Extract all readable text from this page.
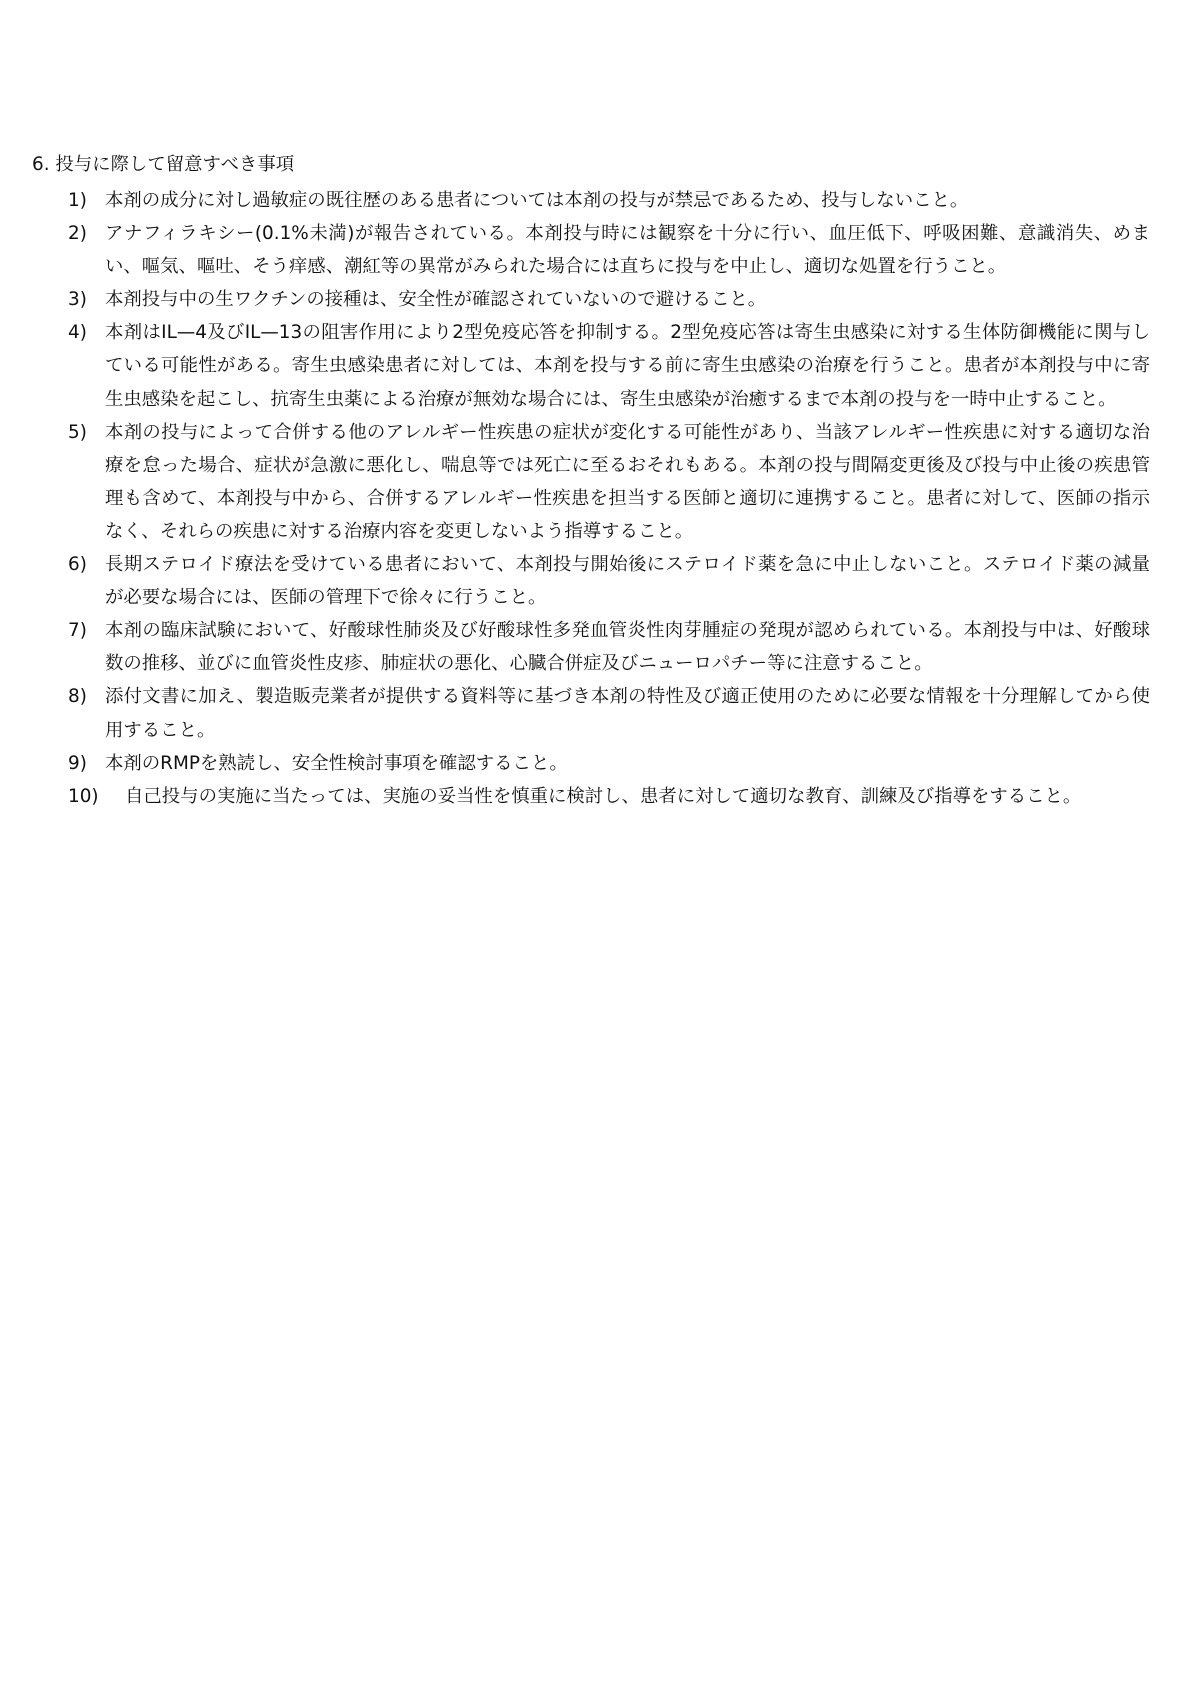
6. 投与に際して留意すべき事項
1) 本剤の成分に対し過敏症の既往歴のある患者については本剤の投与が禁忌であるため、投与しないこと。
2) アナフィラキシー(0.1%未満)が報告されている。本剤投与時には観察を十分に行い、血圧低下、呼吸困難、意識消失、めま
い、嘔気、嘔吐、そう痒感、潮紅等の異常がみられた場合には直ちに投与を中止し、適切な処置を行うこと。
3) 本剤投与中の生ワクチンの接種は、安全性が確認されていないので避けること。
4) 本剤はIL—4及びIL—13の阻害作用により2型免疫応答を抑制する。2型免疫応答は寄生虫感染に対する生体防御機能に関与し
ている可能性がある。寄生虫感染患者に対しては、本剤を投与する前に寄生虫感染の治療を行うこと。患者が本剤投与中に寄
生虫感染を起こし、抗寄生虫薬による治療が無効な場合には、寄生虫感染が治癒するまで本剤の投与を一時中止すること。
5) 本剤の投与によって合併する他のアレルギー性疾患の症状が変化する可能性があり、当該アレルギー性疾患に対する適切な治
療を怠った場合、症状が急激に悪化し、喘息等では死亡に至るおそれもある。本剤の投与間隔変更後及び投与中止後の疾患管
理も含めて、本剤投与中から、合併するアレルギー性疾患を担当する医師と適切に連携すること。患者に対して、医師の指示
なく、それらの疾患に対する治療内容を変更しないよう指導すること。
6) 長期ステロイド療法を受けている患者において、本剤投与開始後にステロイド薬を急に中止しないこと。ステロイド薬の減量
が必要な場合には、医師の管理下で徐々に行うこと。
7) 本剤の臨床試験において、好酸球性肺炎及び好酸球性多発血管炎性肉芽腫症の発現が認められている。本剤投与中は、好酸球
数の推移、並びに血管炎性皮疹、肺症状の悪化、心臓合併症及びニューロパチー等に注意すること。
8) 添付文書に加え、製造販売業者が提供する資料等に基づき本剤の特性及び適正使用のために必要な情報を十分理解してから使
用すること。
9) 本剤のRMPを熟読し、安全性検討事項を確認すること。
10) 自己投与の実施に当たっては、実施の妥当性を慎重に検討し、患者に対して適切な教育、訓練及び指導をすること。
